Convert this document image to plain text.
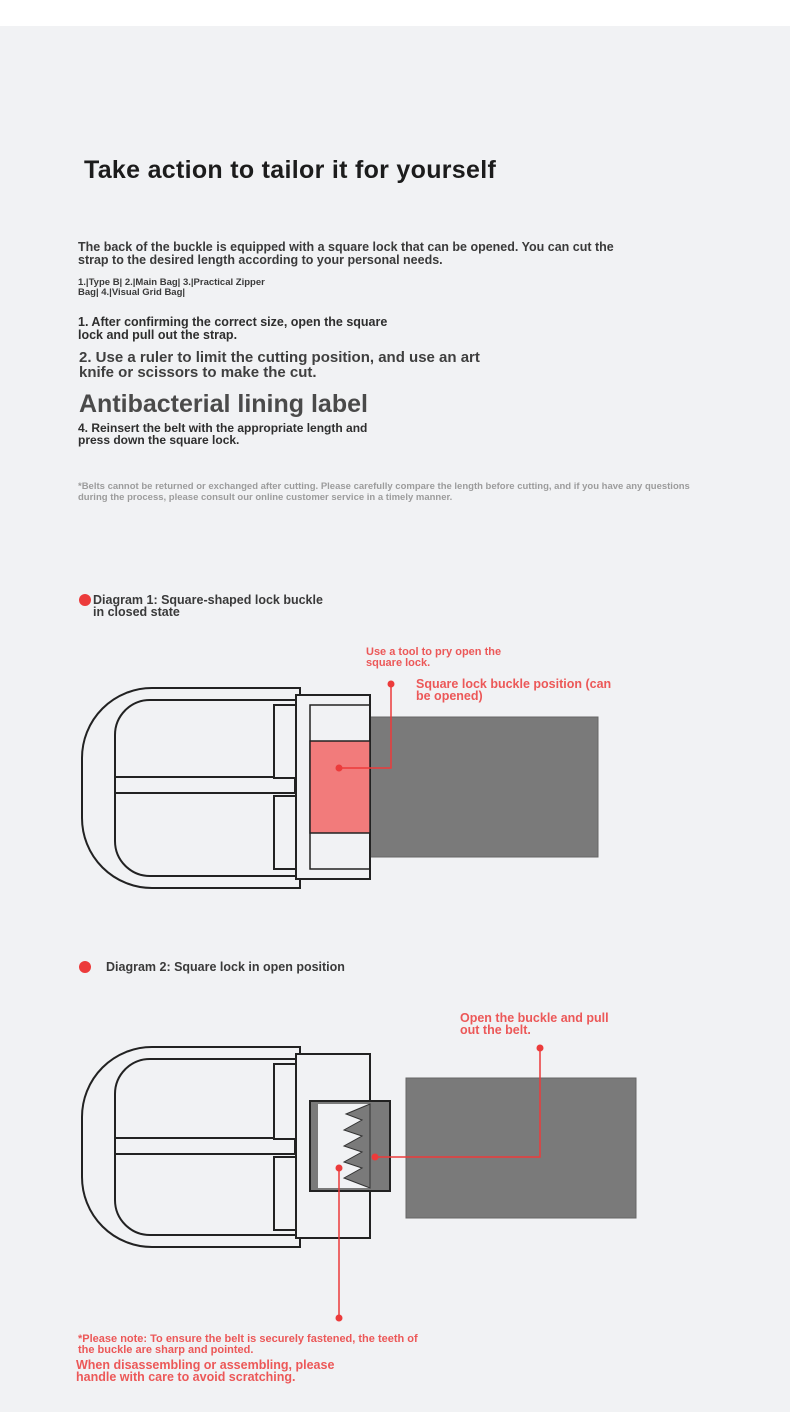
Take action to tailor it for yourself
The back of the buckle is equipped with a square lock that can be opened. You can cut the strap to the desired length according to your personal needs.
1.|Type B| 2.|Main Bag| 3.|Practical Zipper Bag| 4.|Visual Grid Bag|
1. After confirming the correct size, open the square lock and pull out the strap.
2. Use a ruler to limit the cutting position, and use an art knife or scissors to make the cut.
Antibacterial lining label
4. Reinsert the belt with the appropriate length and press down the square lock.
*Belts cannot be returned or exchanged after cutting. Please carefully compare the length before cutting, and if you have any questions during the process, please consult our online customer service in a timely manner.
Diagram 1: Square-shaped lock buckle in closed state
Use a tool to pry open the square lock.
Square lock buckle position (can be opened)
Diagram 2: Square lock in open position
Open the buckle and pull out the belt.
*Please note: To ensure the belt is securely fastened, the teeth of the buckle are sharp and pointed.
When disassembling or assembling, please handle with care to avoid scratching.
